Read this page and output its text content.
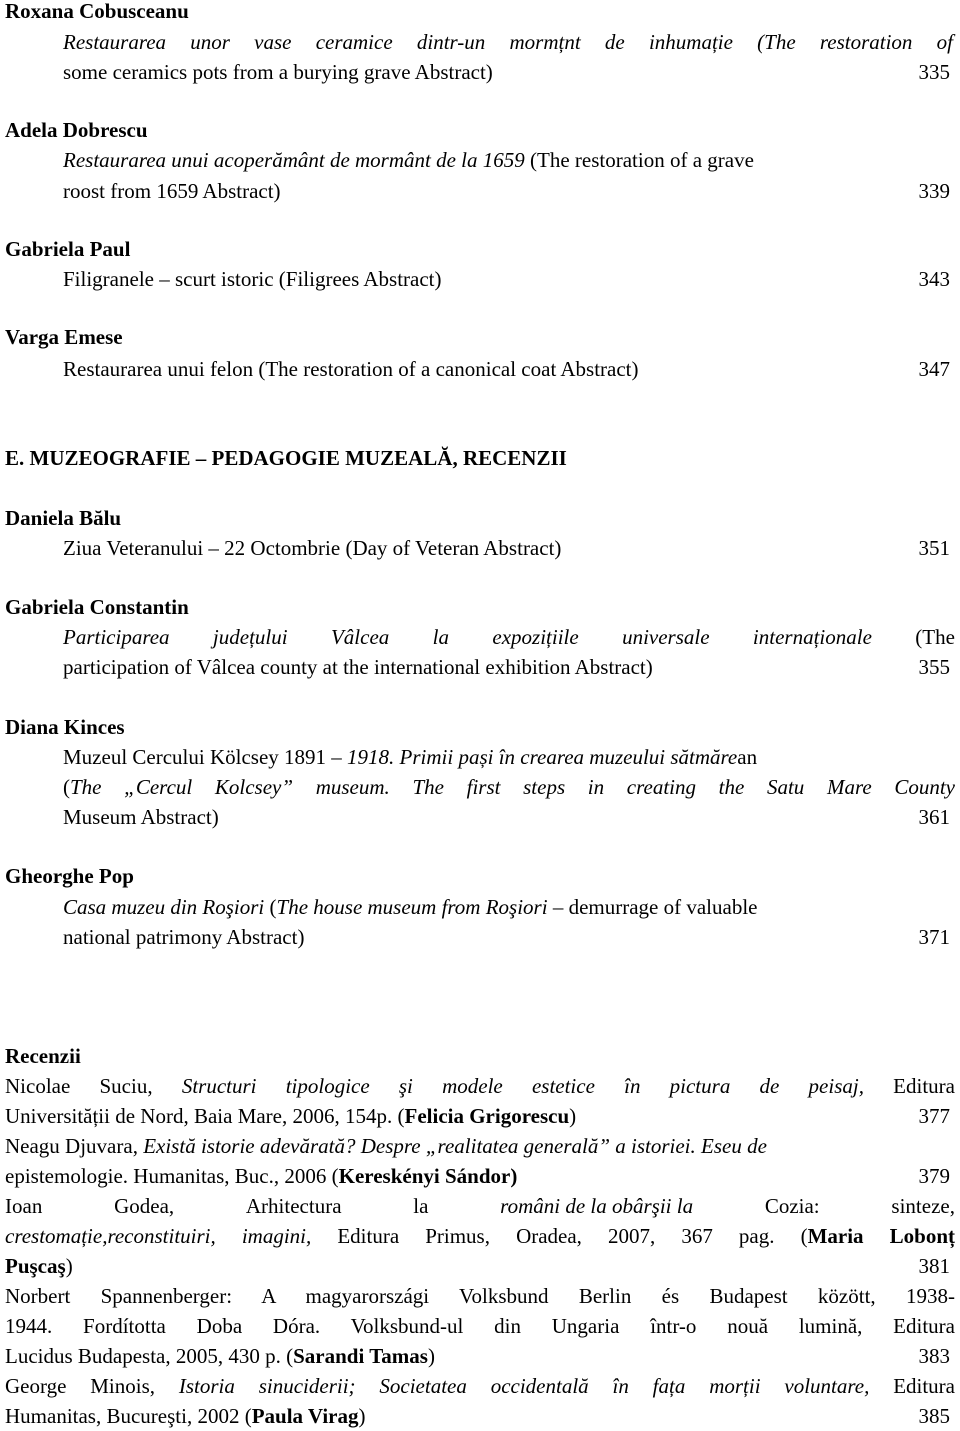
Roxana Cobusceanu
Restaurarea unor vase ceramice dintr-un mormțnt de inhumație (The restoration of
some ceramics pots from a burying grave Abstract)	335
Adela Dobrescu
Restaurarea unui acoperământ de mormânt de la 1659 (The restoration of a grave
roost from 1659 Abstract)	339
Gabriela Paul
Filigranele – scurt istoric (Filigrees Abstract)	343
Varga Emese
Restaurarea unui felon (The restoration of a canonical coat Abstract)	347
E. MUZEOGRAFIE – PEDAGOGIE MUZEALĂ, RECENZII
Daniela Bălu
Ziua Veteranului – 22 Octombrie (Day of Veteran Abstract)	351
Gabriela Constantin
Participarea județului Vâlcea la expozițiile universale internaționale (The
participation of Vâlcea county at the international exhibition Abstract)	355
Diana Kinces
Muzeul Cercului Kölcsey 1891 – 1918. Primii pași în crearea muzeului sătmărean
(The „Cercul Kolcsey” museum. The first steps in creating the Satu Mare County
Museum Abstract)	361
Gheorghe Pop
Casa muzeu din Roşiori (The house museum from Roşiori – demurrage of valuable
national patrimony Abstract)	371
Recenzii
Nicolae Suciu, Structuri tipologice şi modele estetice în pictura de peisaj, Editura
Universității de Nord, Baia Mare, 2006, 154p. (Felicia Grigorescu)	377
Neagu Djuvara, Există istorie adevărată? Despre „realitatea generală” a istoriei. Eseu de
epistemologie. Humanitas, Buc., 2006 (Kereskényi Sándor)	379
Ioan	Godea,	Arhitectura	la	români de la obârşii la	Cozia:	sinteze,
crestomație,reconstituiri, imagini, Editura Primus, Oradea, 2007, 367 pag. (Maria Lobonț
Puşcaş)	381
Norbert Spannenberger: A magyarországi Volksbund Berlin és Budapest között, 1938-
1944. Fordította Doba Dóra. Volksbund-ul din Ungaria într-o nouă lumină, Editura
Lucidus Budapesta, 2005, 430 p. (Sarandi Tamas)	383
George Minois, Istoria sinuciderii; Societatea occidentală în fața morții voluntare, Editura
Humanitas, Bucureşti, 2002 (Paula Virag)	385
